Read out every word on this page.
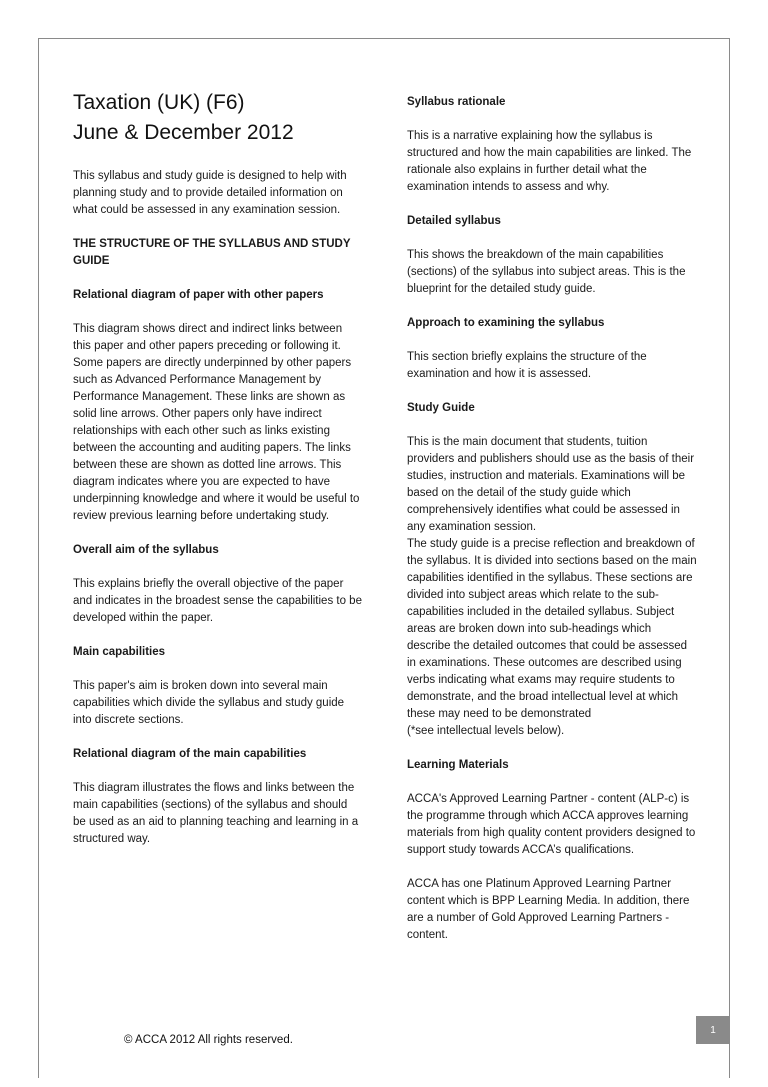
Taxation (UK) (F6)
June & December 2012

This syllabus and study guide is designed to help with planning study and to provide detailed information on what could be assessed in any examination session.

THE STRUCTURE OF THE SYLLABUS AND STUDY GUIDE
Relational diagram of paper with other papers

This diagram shows direct and indirect links between this paper and other papers preceding or following it. Some papers are directly underpinned by other papers such as Advanced Performance Management by Performance Management. These links are shown as solid line arrows. Other papers only have indirect relationships with each other such as links existing between the accounting and auditing papers. The links between these are shown as dotted line arrows. This diagram indicates where you are expected to have underpinning knowledge and where it would be useful to review previous learning before undertaking study.

Overall aim of the syllabus

This explains briefly the overall objective of the paper and indicates in the broadest sense the capabilities to be developed within the paper.

Main capabilities

This paper's aim is broken down into several main capabilities which divide the syllabus and study guide into discrete sections.

Relational diagram of the main capabilities

This diagram illustrates the flows and links between the main capabilities (sections) of the syllabus and should be used as an aid to planning teaching and learning in a structured way.

Syllabus rationale

This is a narrative explaining how the syllabus is structured and how the main capabilities are linked. The rationale also explains in further detail what the examination intends to assess and why.

Detailed syllabus

This shows the breakdown of the main capabilities (sections) of the syllabus into subject areas. This is the blueprint for the detailed study guide.

Approach to examining the syllabus

This section briefly explains the structure of the examination and how it is assessed.

Study Guide

This is the main document that students, tuition providers and publishers should use as the basis of their studies, instruction and materials. Examinations will be based on the detail of the study guide which comprehensively identifies what could be assessed in any examination session.

The study guide is a precise reflection and breakdown of the syllabus. It is divided into sections based on the main capabilities identified in the syllabus. These sections are divided into subject areas which relate to the sub-capabilities included in the detailed syllabus. Subject areas are broken down into sub-headings which describe the detailed outcomes that could be assessed in examinations. These outcomes are described using verbs indicating what exams may require students to demonstrate, and the broad intellectual level at which these may need to be demonstrated

(*see intellectual levels below).

Learning Materials

ACCA's Approved Learning Partner - content (ALP-c) is the programme through which ACCA approves learning materials from high quality content providers designed to support study towards ACCA’s qualifications.

ACCA has one Platinum Approved Learning Partner content which is BPP Learning Media. In addition, there are a number of Gold Approved Learning Partners - content.

© ACCA 2012 All rights reserved.
1
